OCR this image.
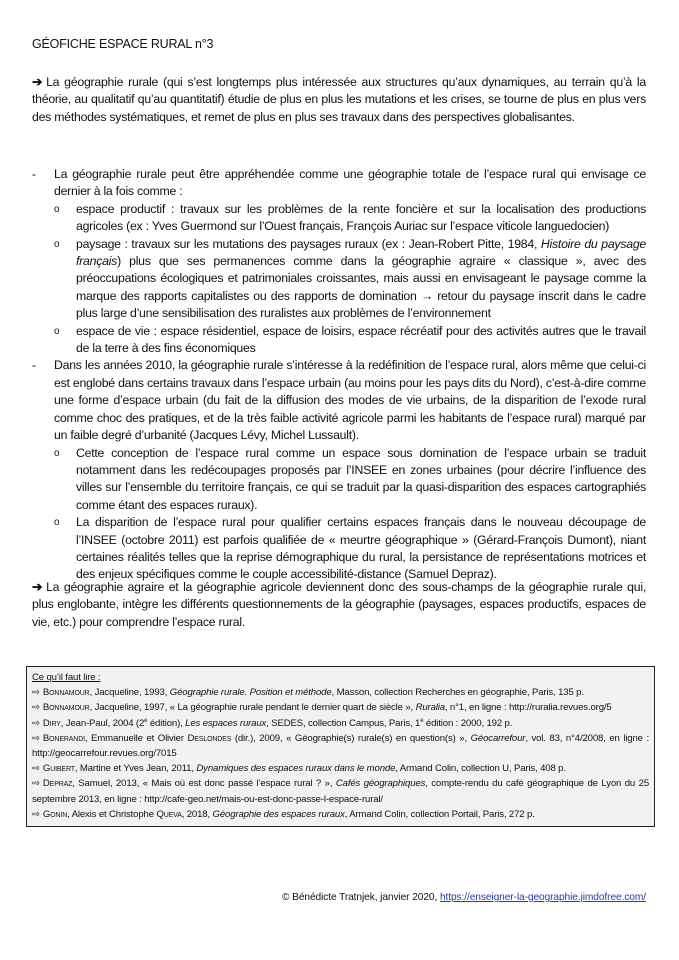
GÉOFICHE ESPACE RURAL n°3
➔ La géographie rurale (qui s’est longtemps plus intéressée aux structures qu’aux dynamiques, au terrain qu’à la théorie, au qualitatif qu’au quantitatif) étudie de plus en plus les mutations et les crises, se tourne de plus en plus vers des méthodes systématiques, et remet de plus en plus ses travaux dans des perspectives globalisantes.
- La géographie rurale peut être appréhendée comme une géographie totale de l’espace rural qui envisage ce dernier à la fois comme :
o espace productif : travaux sur les problèmes de la rente foncière et sur la localisation des productions agricoles (ex : Yves Guermond sur l’Ouest français, François Auriac sur l’espace viticole languedocien)
o paysage : travaux sur les mutations des paysages ruraux (ex : Jean-Robert Pitte, 1984, Histoire du paysage français) plus que ses permanences comme dans la géographie agraire « classique », avec des préoccupations écologiques et patrimoniales croissantes, mais aussi en envisageant le paysage comme la marque des rapports capitalistes ou des rapports de domination → retour du paysage inscrit dans le cadre plus large d’une sensibilisation des ruralistes aux problèmes de l’environnement
o espace de vie : espace résidentiel, espace de loisirs, espace récréatif pour des activités autres que le travail de la terre à des fins économiques
- Dans les années 2010, la géographie rurale s’intéresse à la redéfinition de l’espace rural, alors même que celui-ci est englobé dans certains travaux dans l’espace urbain (au moins pour les pays dits du Nord), c’est-à-dire comme une forme d’espace urbain (du fait de la diffusion des modes de vie urbains, de la disparition de l’exode rural comme choc des pratiques, et de la très faible activité agricole parmi les habitants de l’espace rural) marqué par un faible degré d’urbanité (Jacques Lévy, Michel Lussault).
o Cette conception de l’espace rural comme un espace sous domination de l’espace urbain se traduit notamment dans les redécoupages proposés par l’INSEE en zones urbaines (pour décrire l’influence des villes sur l’ensemble du territoire français, ce qui se traduit par la quasi-disparition des espaces cartographiés comme étant des espaces ruraux).
o La disparition de l’espace rural pour qualifier certains espaces français dans le nouveau découpage de l’INSEE (octobre 2011) est parfois qualifiée de « meurtre géographique » (Gérard-François Dumont), niant certaines réalités telles que la reprise démographique du rural, la persistance de représentations motrices et des enjeux spécifiques comme le couple accessibilité-distance (Samuel Depraz).
➔ La géographie agraire et la géographie agricole deviennent donc des sous-champs de la géographie rurale qui, plus englobante, intègre les différents questionnements de la géographie (paysages, espaces productifs, espaces de vie, etc.) pour comprendre l’espace rural.
Ce qu’il faut lire :
⇨ Bonnamour, Jacqueline, 1993, Géographie rurale. Position et méthode, Masson, collection Recherches en géographie, Paris, 135 p.
⇨ Bonnamour, Jacqueline, 1997, « La géographie rurale pendant le dernier quart de siècle », Ruralia, n°1, en ligne : http://ruralia.revues.org/5
⇨ Diry, Jean-Paul, 2004 (2e édition), Les espaces ruraux, SEDES, collection Campus, Paris, 1e édition : 2000, 192 p.
⇨ Bonerandi, Emmanuelle et Olivier Deslondes (dir.), 2009, « Géographie(s) rurale(s) en question(s) », Géocarrefour, vol. 83, n°4/2008, en ligne : http://geocarrefour.revues.org/7015
⇨ Guibert, Martine et Yves Jean, 2011, Dynamiques des espaces ruraux dans le monde, Armand Colin, collection U, Paris, 408 p.
⇨ Depraz, Samuel, 2013, « Mais où est donc passé l’espace rural ? », Cafés géographiques, compte-rendu du café géographique de Lyon du 25 septembre 2013, en ligne : http://cafe-geo.net/mais-ou-est-donc-passe-l-espace-rural/
⇨ Gonin, Alexis et Christophe Queva, 2018, Géographie des espaces ruraux, Armand Colin, collection Portail, Paris, 272 p.
© Bénédicte Tratnjek, janvier 2020, https://enseigner-la-geographie.jimdofree.com/
